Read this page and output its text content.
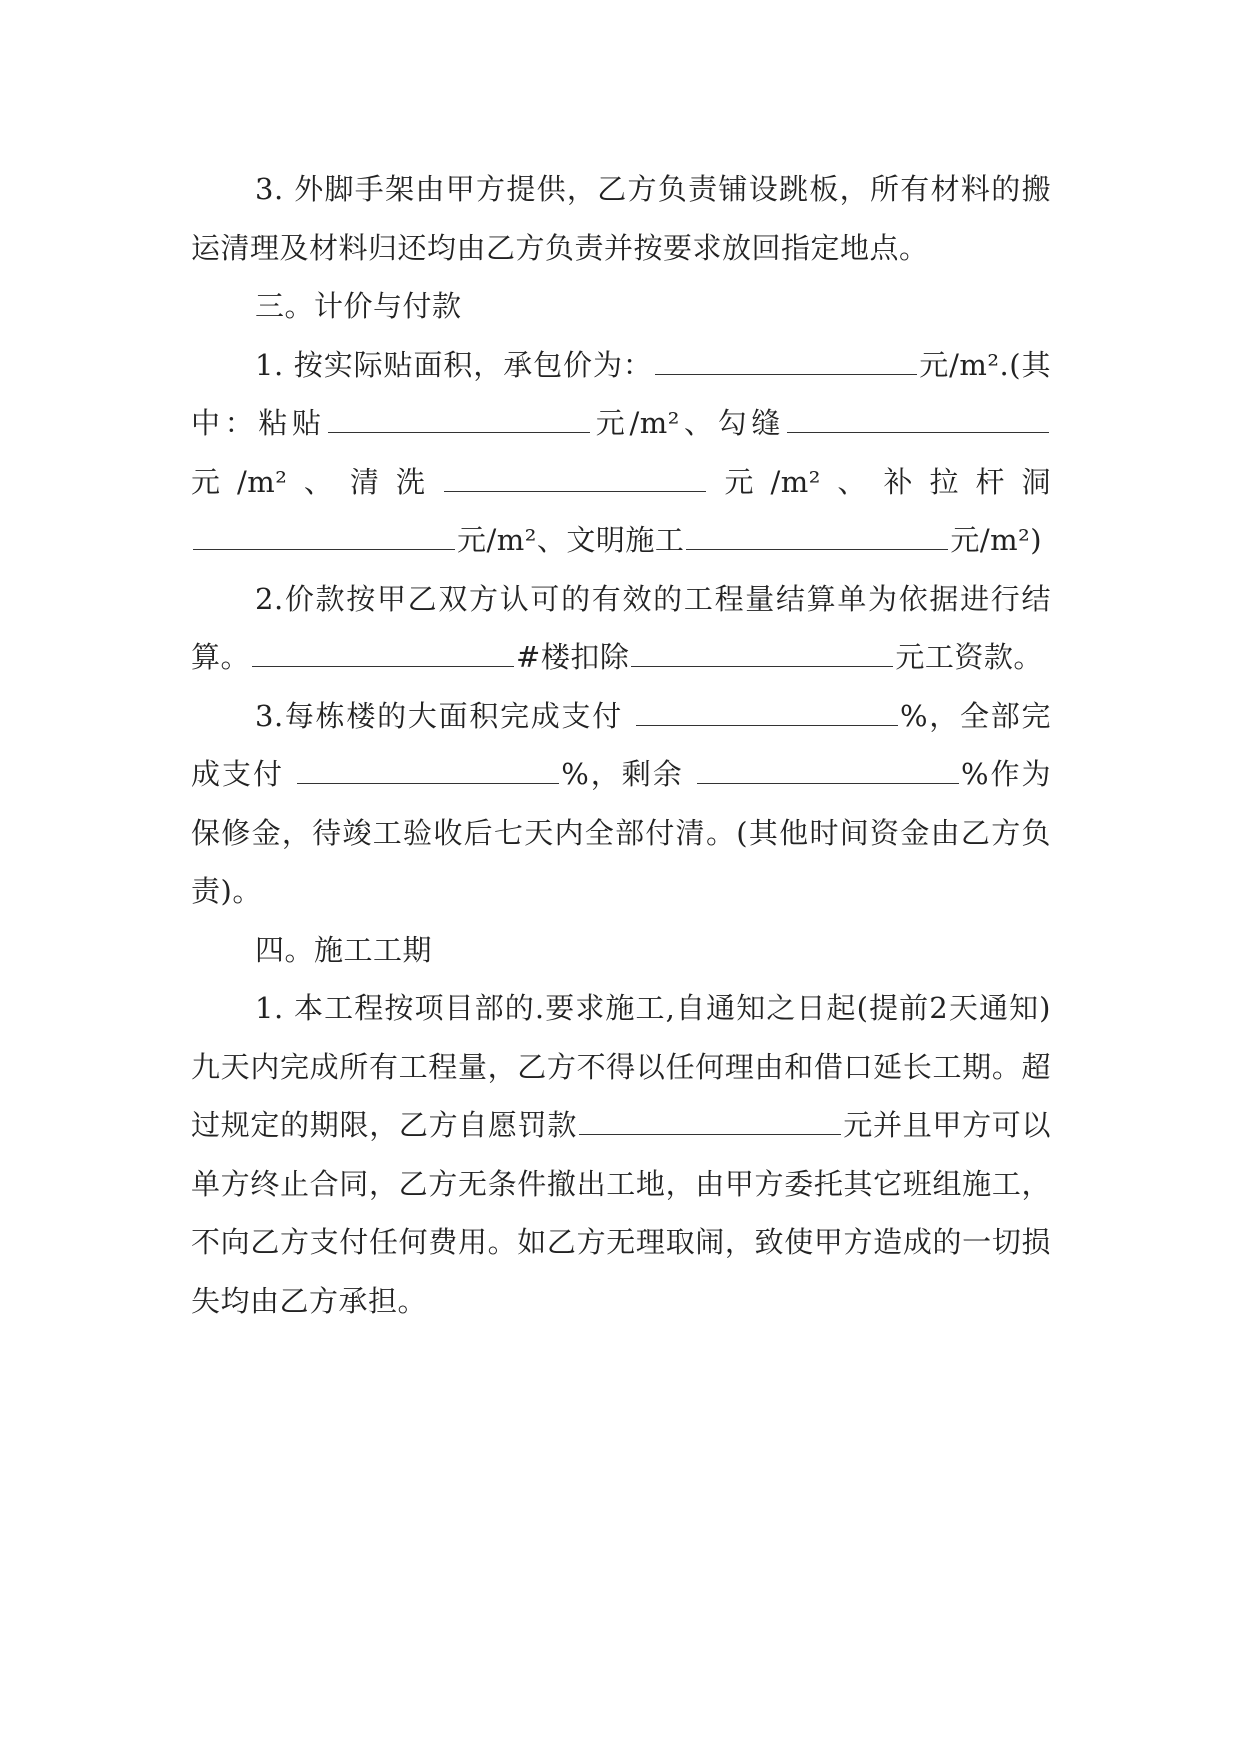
3. 外脚手架由甲方提供，乙方负责铺设跳板，所有材料的搬运清理及材料归还均由乙方负责并按要求放回指定地点。

三。计价与付款

1. 按实际贴面积，承包价为：	元/m².(其中：粘贴	元/m²、勾缝元/m²、清洗	元/m²、补拉杆洞元/m²、文明施工	元/m²)

2.价款按甲乙双方认可的有效的工程量结算单为依据进行结算。	#楼扣除	元工资款。

3.每栋楼的大面积完成支付	%，全部完成支付	%，剩余	%作为保修金，待竣工验收后七天内全部付清。(其他时间资金由乙方负责)。

四。施工工期

1. 本工程按项目部的.要求施工,自通知之日起(提前2天通知)九天内完成所有工程量，乙方不得以任何理由和借口延长工期。超过规定的期限，乙方自愿罚款	元并且甲方可以单方终止合同，乙方无条件撤出工地，由甲方委托其它班组施工，不向乙方支付任何费用。如乙方无理取闹，致使甲方造成的一切损失均由乙方承担。
